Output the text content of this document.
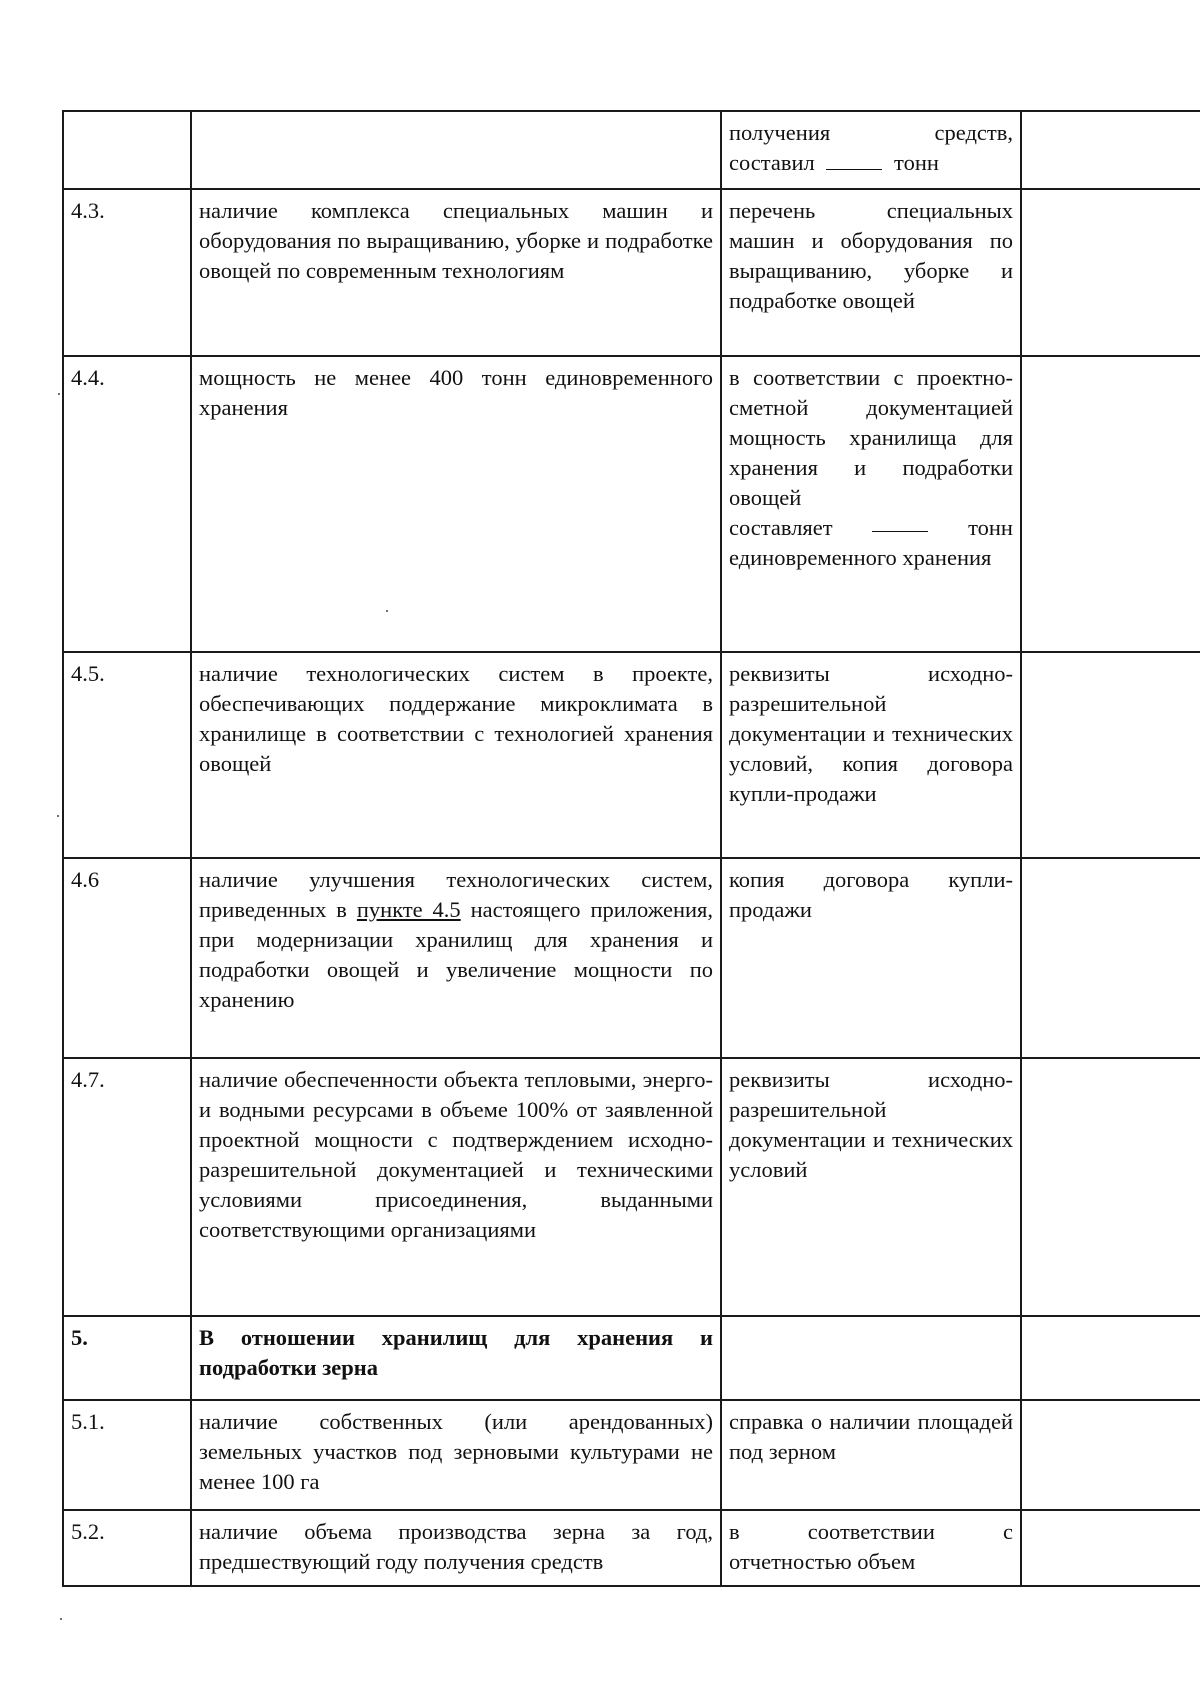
		получения средств,
составил тонн	

4.3.	наличие комплекса специальных машин и оборудования по выращиванию, уборке и подработке овощей по современным технологиям	перечень специальных машин и оборудования по выращиванию, уборке и подработке овощей	
4.4.	мощность не менее 400 тонн единовременного хранения	в соответствии с проектно-сметной документацией мощность хранилища для хранения и подработки овощей
составляет тонн
единовременного хранения	
4.5.	наличие технологических систем в проекте, обеспечивающих поддержание микроклимата в хранилище в соответствии с технологией хранения овощей	реквизиты исходно-разрешительной документации и технических условий, копия договора купли-продажи	
4.6	наличие улучшения технологических систем, приведенных в пункте 4.5 настоящего приложения, при модернизации хранилищ для хранения и подработки овощей и увеличение мощности по хранению	копия договора купли-продажи	
4.7.	наличие обеспеченности объекта тепловыми, энерго- и водными ресурсами в объеме 100% от заявленной проектной мощности с подтверждением исходно-разрешительной документацией и техническими условиями присоединения, выданными соответствующими организациями	реквизиты исходно-разрешительной документации и технических условий	
5.	В отношении хранилищ для хранения и подработки зерна		
5.1.	наличие собственных (или арендованных) земельных участков под зерновыми культурами не менее 100 га	справка о наличии площадей под зерном	
5.2.	наличие объема производства зерна за год, предшествующий году получения средств	в соответствии с отчетностью объем	
